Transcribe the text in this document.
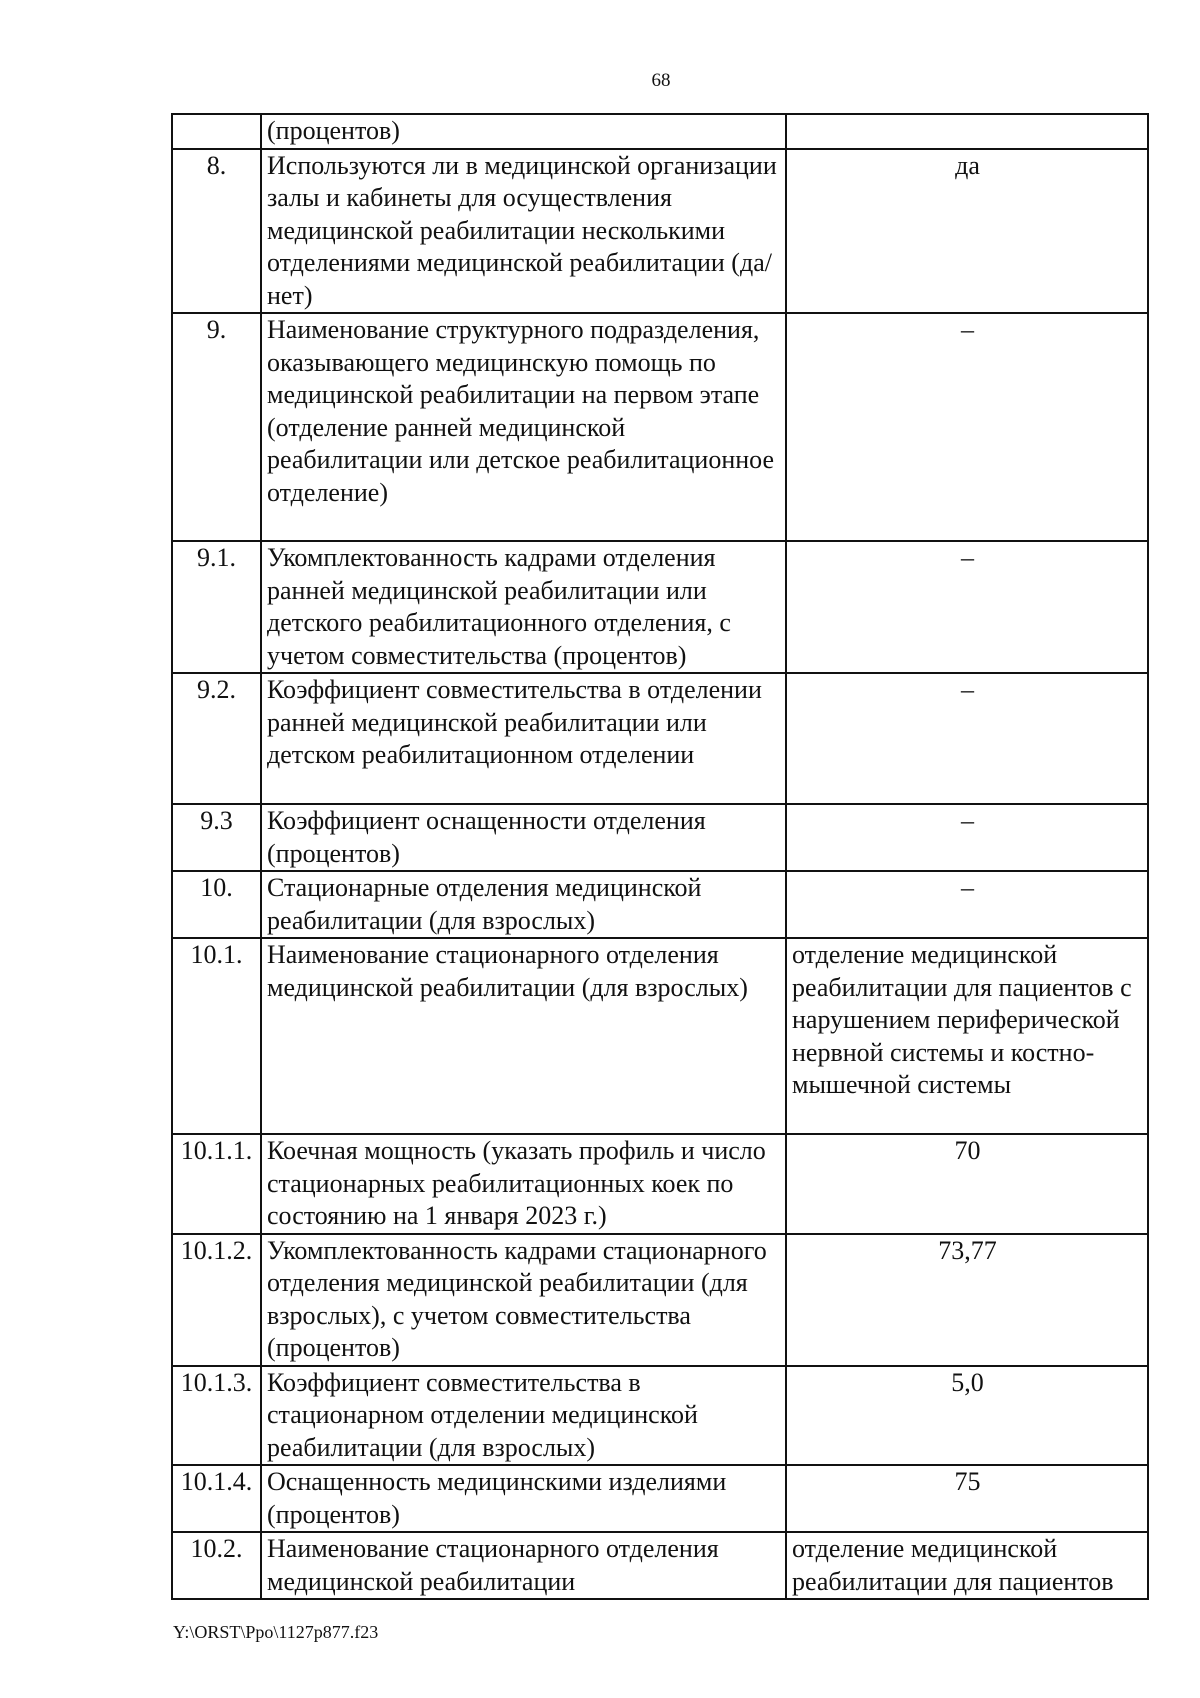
68
	(процентов)	
8.	Используются ли в медицинской организации залы и кабинеты для осуществления медицинской реабилитации несколькими отделениями медицинской реабилитации (да/нет)	да
9.	Наименование структурного подразделения, оказывающего медицинскую помощь по медицинской реабилитации на первом этапе (отделение ранней медицинской реабилитации или детское реабилитационное отделение)	–
9.1.	Укомплектованность кадрами отделения ранней медицинской реабилитации или детского реабилитационного отделения, с учетом совместительства (процентов)	–
9.2.	Коэффициент совместительства в отделении ранней медицинской реабилитации или детском реабилитационном отделении	–
9.3	Коэффициент оснащенности отделения (процентов)	–
10.	Стационарные отделения медицинской реабилитации (для взрослых)	–
10.1.	Наименование стационарного отделения медицинской реабилитации (для взрослых)	отделение медицинской реабилитации для пациентов с нарушением периферической нервной системы и костно-мышечной системы
10.1.1.	Коечная мощность (указать профиль и число стационарных реабилитационных коек по состоянию на 1 января 2023 г.)	70
10.1.2.	Укомплектованность кадрами стационарного отделения медицинской реабилитации (для взрослых), с учетом совместительства (процентов)	73,77
10.1.3.	Коэффициент совместительства в стационарном отделении медицинской реабилитации (для взрослых)	5,0
10.1.4.	Оснащенность медицинскими изделиями (процентов)	75
10.2.	Наименование стационарного отделения медицинской реабилитации	отделение медицинской реабилитации для пациентов
Y:\ORST\Ppo\1127p877.f23
